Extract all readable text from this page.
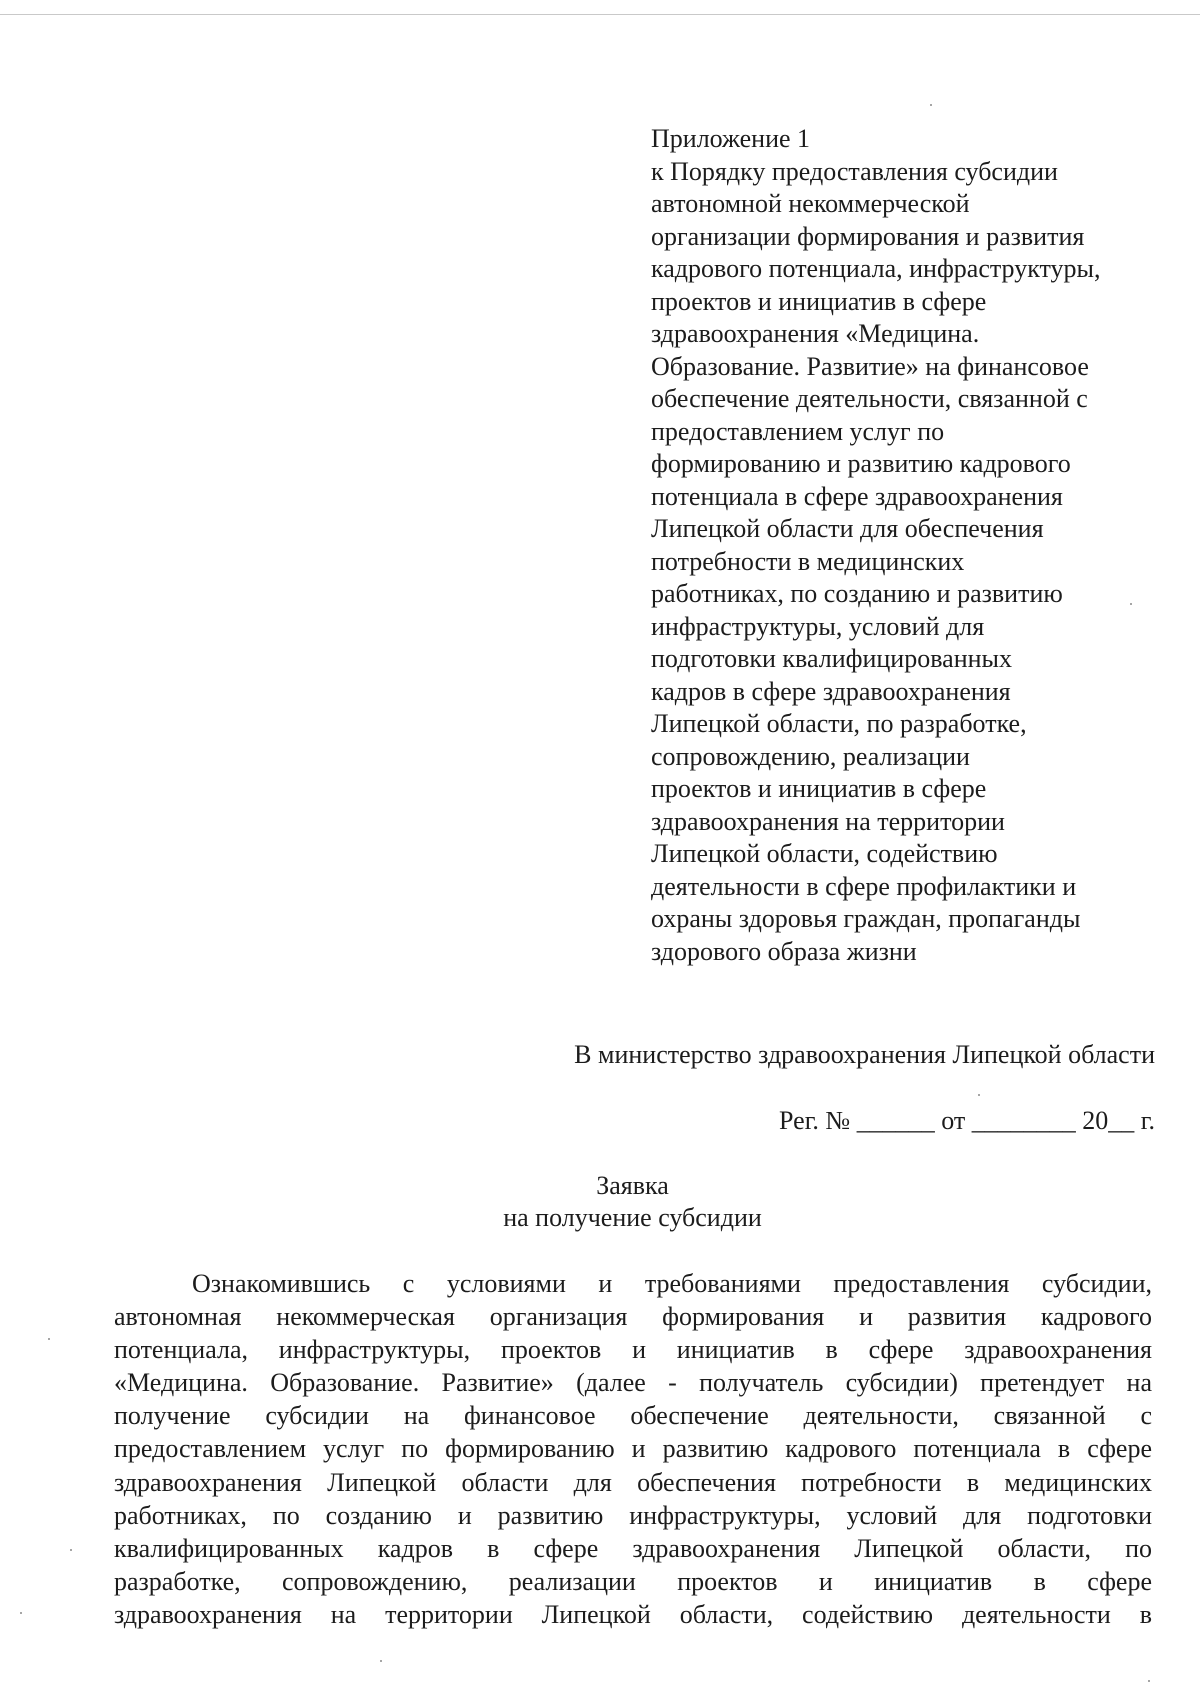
Приложение 1
к Порядку предоставления субсидии
автономной некоммерческой
организации формирования и развития
кадрового потенциала, инфраструктуры,
проектов и инициатив в сфере
здравоохранения «Медицина.
Образование. Развитие» на финансовое
обеспечение деятельности, связанной с
предоставлением услуг по
формированию и развитию кадрового
потенциала в сфере здравоохранения
Липецкой области для обеспечения
потребности в медицинских
работниках, по созданию и развитию
инфраструктуры, условий для
подготовки квалифицированных
кадров в сфере здравоохранения
Липецкой области, по разработке,
сопровождению, реализации
проектов и инициатив в сфере
здравоохранения на территории
Липецкой области, содействию
деятельности в сфере профилактики и
охраны здоровья граждан, пропаганды
здорового образа жизни
В министерство здравоохранения Липецкой области
Рег. № ______ от ________ 20__ г.
Заявка
на получение субсидии
Ознакомившись с условиями и требованиями предоставления субсидии,
автономная некоммерческая организация формирования и развития кадрового
потенциала, инфраструктуры, проектов и инициатив в сфере здравоохранения
«Медицина. Образование. Развитие» (далее - получатель субсидии) претендует на
получение субсидии на финансовое обеспечение деятельности, связанной с
предоставлением услуг по формированию и развитию кадрового потенциала в сфере
здравоохранения Липецкой области для обеспечения потребности в медицинских
работниках, по созданию и развитию инфраструктуры, условий для подготовки
квалифицированных кадров в сфере здравоохранения Липецкой области, по
разработке, сопровождению, реализации проектов и инициатив в сфере
здравоохранения на территории Липецкой области, содействию деятельности в
